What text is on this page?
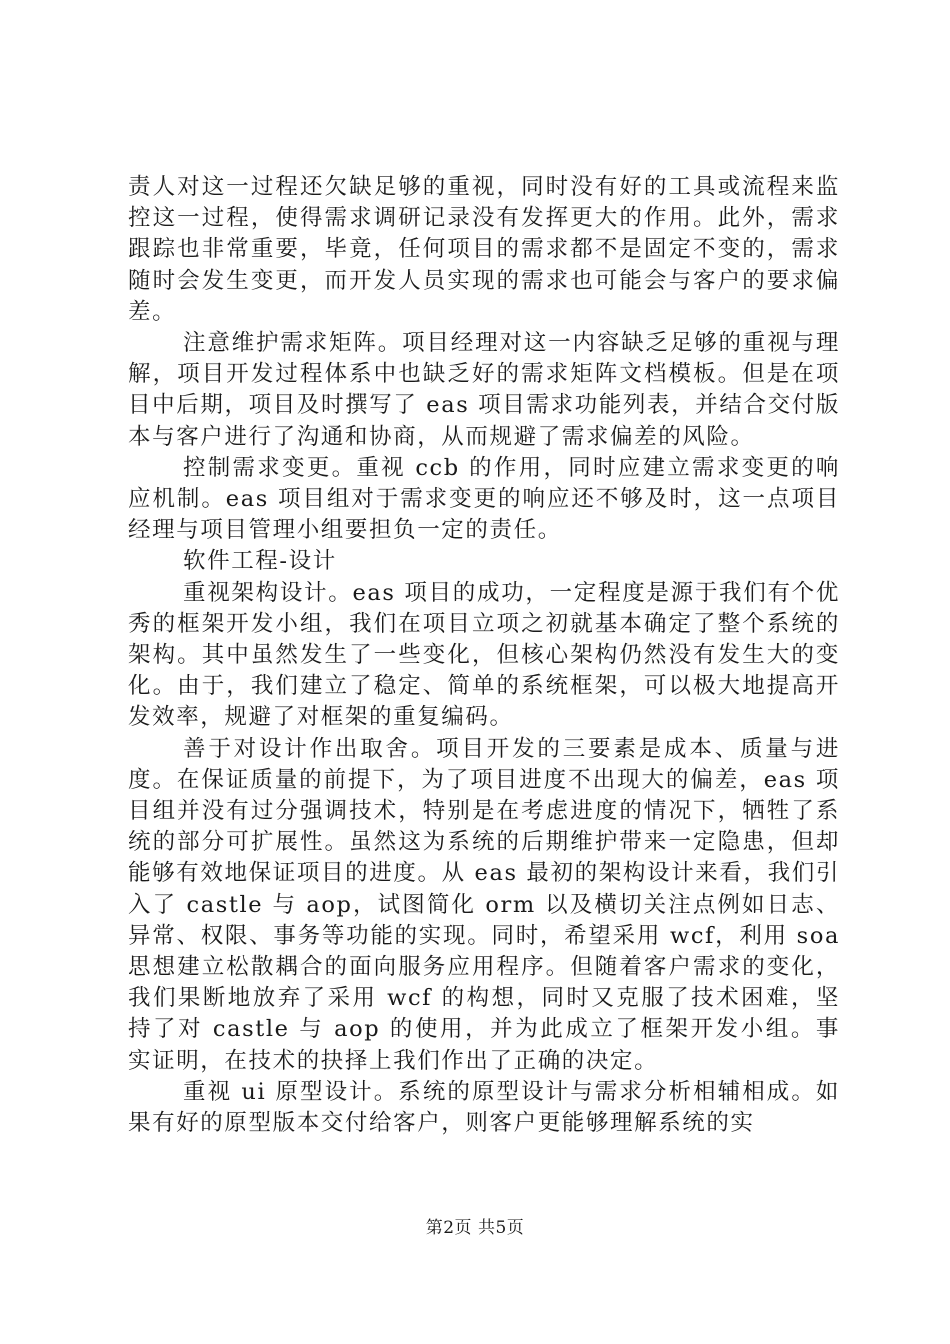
责人对这一过程还欠缺足够的重视，同时没有好的工具或流程来监控这一过程，使得需求调研记录没有发挥更大的作用。此外，需求跟踪也非常重要，毕竟，任何项目的需求都不是固定不变的，需求随时会发生变更，而开发人员实现的需求也可能会与客户的要求偏差。

注意维护需求矩阵。项目经理对这一内容缺乏足够的重视与理解，项目开发过程体系中也缺乏好的需求矩阵文档模板。但是在项目中后期，项目及时撰写了 eas 项目需求功能列表，并结合交付版本与客户进行了沟通和协商，从而规避了需求偏差的风险。

控制需求变更。重视 ccb 的作用，同时应建立需求变更的响应机制。eas 项目组对于需求变更的响应还不够及时，这一点项目经理与项目管理小组要担负一定的责任。

软件工程-设计

重视架构设计。eas 项目的成功，一定程度是源于我们有个优秀的框架开发小组，我们在项目立项之初就基本确定了整个系统的架构。其中虽然发生了一些变化，但核心架构仍然没有发生大的变化。由于，我们建立了稳定、简单的系统框架，可以极大地提高开发效率，规避了对框架的重复编码。

善于对设计作出取舍。项目开发的三要素是成本、质量与进度。在保证质量的前提下，为了项目进度不出现大的偏差，eas 项目组并没有过分强调技术，特别是在考虑进度的情况下，牺牲了系统的部分可扩展性。虽然这为系统的后期维护带来一定隐患，但却能够有效地保证项目的进度。从 eas 最初的架构设计来看，我们引入了 castle 与 aop，试图简化 orm 以及横切关注点例如日志、异常、权限、事务等功能的实现。同时，希望采用 wcf，利用 soa 思想建立松散耦合的面向服务应用程序。但随着客户需求的变化，我们果断地放弃了采用 wcf 的构想，同时又克服了技术困难，坚持了对 castle 与 aop 的使用，并为此成立了框架开发小组。事实证明，在技术的抉择上我们作出了正确的决定。

重视 ui 原型设计。系统的原型设计与需求分析相辅相成。如果有好的原型版本交付给客户，则客户更能够理解系统的实

第2页 共5页
